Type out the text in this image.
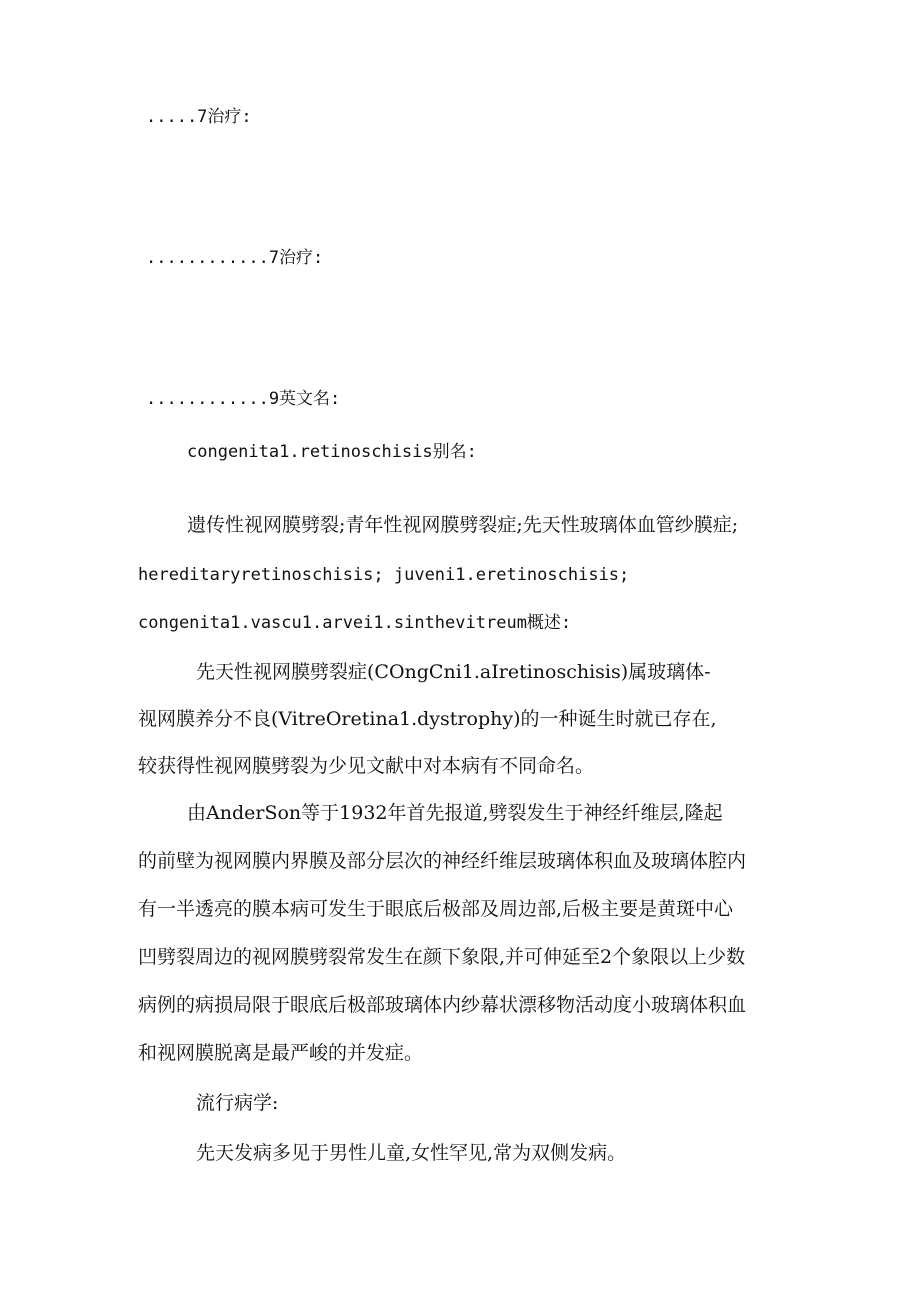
.....7治疗:

............7治疗:

............9英文名:

congenita1.retinoschisis别名:

遗传性视网膜劈裂;青年性视网膜劈裂症;先天性玻璃体血管纱膜症;

hereditaryretinoschisis; juveni1.eretinoschisis;

congenita1.vascu1.arvei1.sinthevitreum概述:

先天性视网膜劈裂症(COngCni1.aIretinoschisis)属玻璃体-

视网膜养分不良(VitreOretina1.dystrophy)的一种诞生时就已存在,

较获得性视网膜劈裂为少见文献中对本病有不同命名。

由AnderSon等于1932年首先报道,劈裂发生于神经纤维层,隆起

的前壁为视网膜内界膜及部分层次的神经纤维层玻璃体积血及玻璃体腔内

有一半透亮的膜本病可发生于眼底后极部及周边部,后极主要是黄斑中心

凹劈裂周边的视网膜劈裂常发生在颜下象限,并可伸延至2个象限以上少数

病例的病损局限于眼底后极部玻璃体内纱幕状漂移物活动度小玻璃体积血

和视网膜脱离是最严峻的并发症。

流行病学:

先天发病多见于男性儿童,女性罕见,常为双侧发病。
